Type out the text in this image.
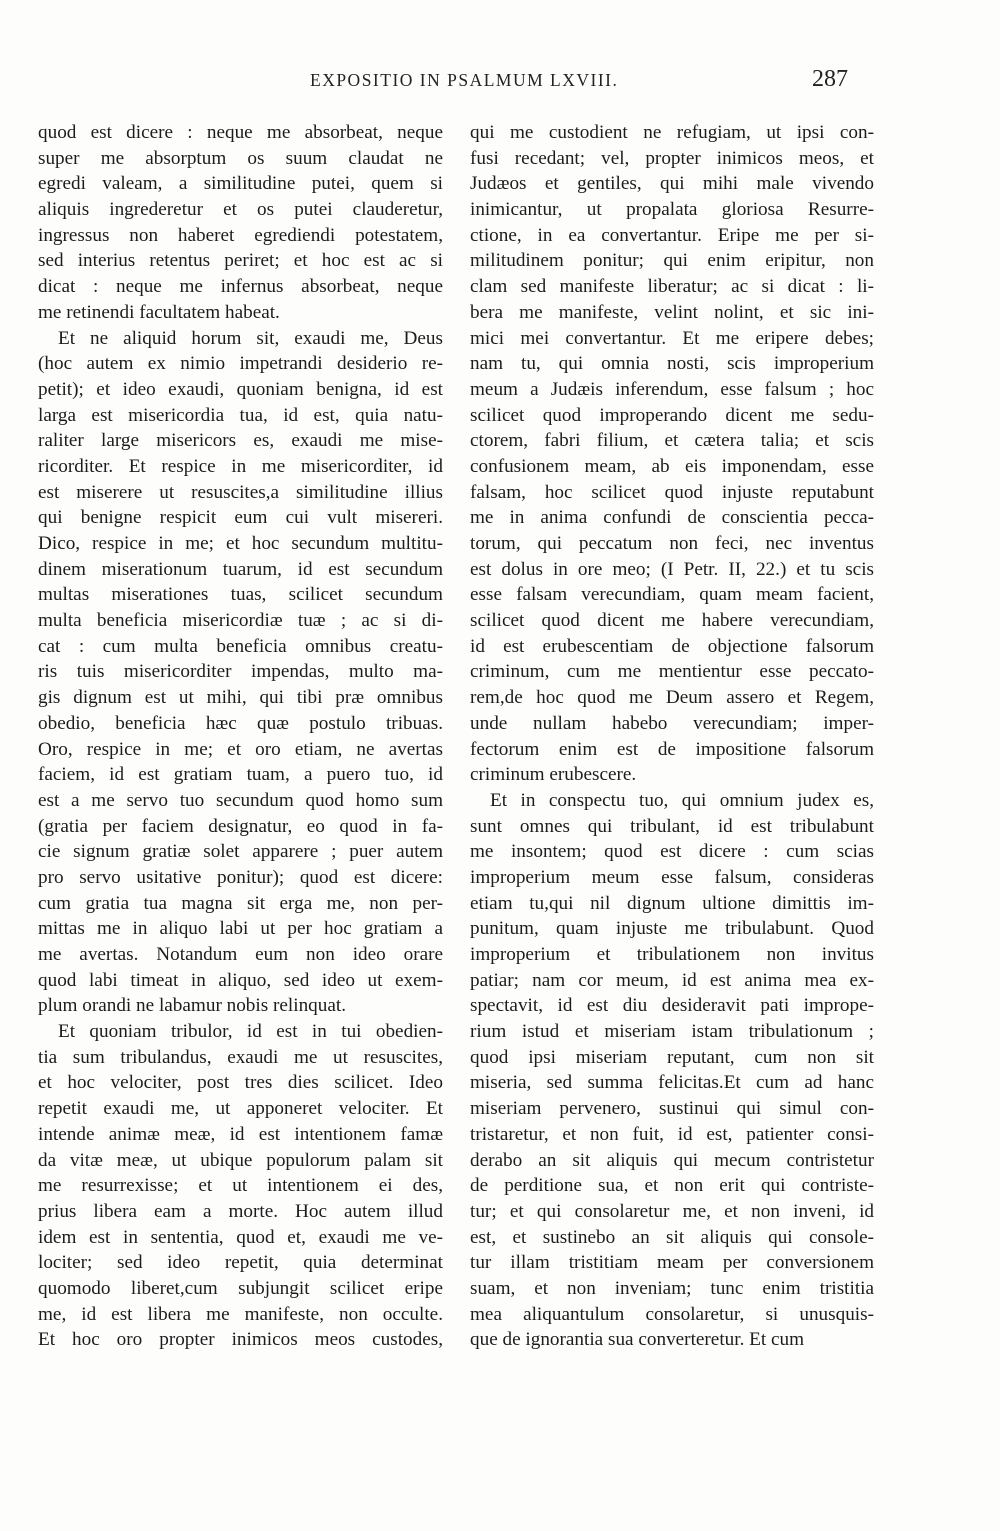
EXPOSITIO IN PSALMUM LXVIII.	287
quod est dicere : neque me absorbeat, neque
super me absorptum os suum claudat ne
egredi valeam, a similitudine putei, quem si
aliquis ingrederetur et os putei clauderetur,
ingressus non haberet egrediendi potestatem,
sed interius retentus periret; et hoc est ac si
dicat : neque me infernus absorbeat, neque
me retinendi facultatem habeat.
Et ne aliquid horum sit, exaudi me, Deus
(hoc autem ex nimio impetrandi desiderio re-
petit); et ideo exaudi, quoniam benigna, id est
larga est misericordia tua, id est, quia natu-
raliter large misericors es, exaudi me mise-
ricorditer. Et respice in me misericorditer, id
est miserere ut resuscites,a similitudine illius
qui benigne respicit eum cui vult misereri.
Dico, respice in me; et hoc secundum multitu-
dinem miserationum tuarum, id est secundum
multas miserationes tuas, scilicet secundum
multa beneficia misericordiæ tuæ ; ac si di-
cat : cum multa beneficia omnibus creatu-
ris tuis misericorditer impendas, multo ma-
gis dignum est ut mihi, qui tibi præ omnibus
obedio, beneficia hæc quæ postulo tribuas.
Oro, respice in me; et oro etiam, ne avertas
faciem, id est gratiam tuam, a puero tuo, id
est a me servo tuo secundum quod homo sum
(gratia per faciem designatur, eo quod in fa-
cie signum gratiæ solet apparere ; puer autem
pro servo usitative ponitur); quod est dicere:
cum gratia tua magna sit erga me, non per-
mittas me in aliquo labi ut per hoc gratiam a
me avertas. Notandum eum non ideo orare
quod labi timeat in aliquo, sed ideo ut exem-
plum orandi ne labamur nobis relinquat.
Et quoniam tribulor, id est in tui obedien-
tia sum tribulandus, exaudi me ut resuscites,
et hoc velociter, post tres dies scilicet. Ideo
repetit exaudi me, ut apponeret velociter. Et
intende animæ meæ, id est intentionem famæ
da vitæ meæ, ut ubique populorum palam sit
me resurrexisse; et ut intentionem ei des,
prius libera eam a morte. Hoc autem illud
idem est in sententia, quod et, exaudi me ve-
lociter; sed ideo repetit, quia determinat
quomodo liberet,cum subjungit scilicet eripe
me, id est libera me manifeste, non occulte.
Et hoc oro propter inimicos meos custodes,
qui me custodient ne refugiam, ut ipsi con-
fusi recedant; vel, propter inimicos meos, et
Judæos et gentiles, qui mihi male vivendo
inimicantur, ut propalata gloriosa Resurre-
ctione, in ea convertantur. Eripe me per si-
militudinem ponitur; qui enim eripitur, non
clam sed manifeste liberatur; ac si dicat : li-
bera me manifeste, velint nolint, et sic ini-
mici mei convertantur. Et me eripere debes;
nam tu, qui omnia nosti, scis improperium
meum a Judæis inferendum, esse falsum ; hoc
scilicet quod improperando dicent me sedu-
ctorem, fabri filium, et cætera talia; et scis
confusionem meam, ab eis imponendam, esse
falsam, hoc scilicet quod injuste reputabunt
me in anima confundi de conscientia pecca-
torum, qui peccatum non feci, nec inventus
est dolus in ore meo; (I Petr. II, 22.) et tu scis
esse falsam verecundiam, quam meam facient,
scilicet quod dicent me habere verecundiam,
id est erubescentiam de objectione falsorum
criminum, cum me mentientur esse peccato-
rem,de hoc quod me Deum assero et Regem,
unde nullam habebo verecundiam; imper-
fectorum enim est de impositione falsorum
criminum erubescere.
Et in conspectu tuo, qui omnium judex es,
sunt omnes qui tribulant, id est tribulabunt
me insontem; quod est dicere : cum scias
improperium meum esse falsum, consideras
etiam tu,qui nil dignum ultione dimittis im-
punitum, quam injuste me tribulabunt. Quod
improperium et tribulationem non invitus
patiar; nam cor meum, id est anima mea ex-
spectavit, id est diu desideravit pati impropе-
rium istud et miseriam istam tribulationum ;
quod ipsi miseriam reputant, cum non sit
miseria, sed summa felicitas.Et cum ad hanc
miseriam pervenero, sustinui qui simul con-
tristaretur, et non fuit, id est, patienter consi-
derabo an sit aliquis qui mecum contristetur
de perditione sua, et non erit qui contriste-
tur; et qui consolaretur me, et non inveni, id
est, et sustinebo an sit aliquis qui console-
tur illam tristitiam meam per conversionem
suam, et non inveniam; tunc enim tristitia
mea aliquantulum consolaretur, si unusquis-
que de ignorantia sua converteretur. Et cum
